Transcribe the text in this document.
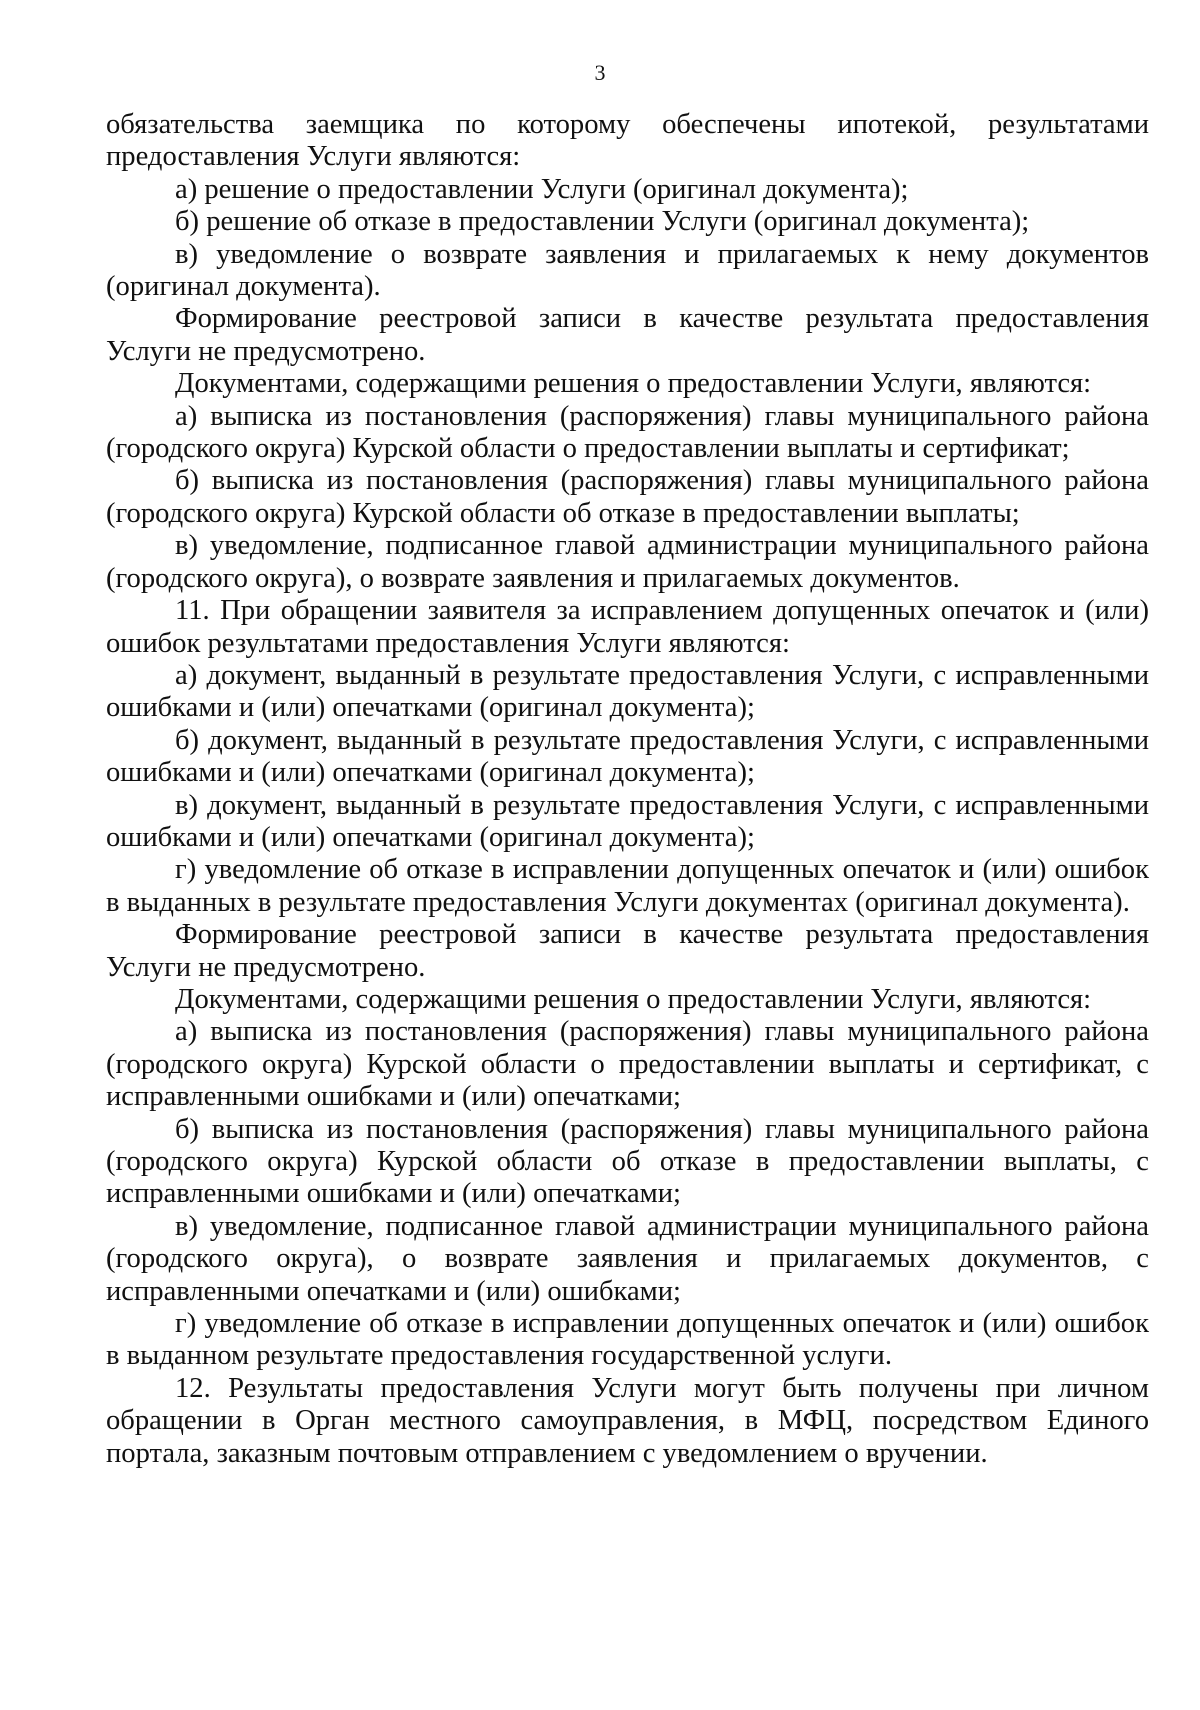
3

обязательства заемщика по которому обеспечены ипотекой, результатами предоставления Услуги являются:

а) решение о предоставлении Услуги (оригинал документа);

б) решение об отказе в предоставлении Услуги (оригинал документа);

в) уведомление о возврате заявления и прилагаемых к нему документов (оригинал документа).

Формирование реестровой записи в качестве результата предоставления Услуги не предусмотрено.

Документами, содержащими решения о предоставлении Услуги, являются:

а) выписка из постановления (распоряжения) главы муниципального района (городского округа) Курской области о предоставлении выплаты и сертификат;

б) выписка из постановления (распоряжения) главы муниципального района (городского округа) Курской области об отказе в предоставлении выплаты;

в) уведомление, подписанное главой администрации муниципального района (городского округа), о возврате заявления и прилагаемых документов.

11. При обращении заявителя за исправлением допущенных опечаток и (или) ошибок результатами предоставления Услуги являются:

а) документ, выданный в результате предоставления Услуги, с исправленными ошибками и (или) опечатками (оригинал документа);

б) документ, выданный в результате предоставления Услуги, с исправленными ошибками и (или) опечатками (оригинал документа);

в) документ, выданный в результате предоставления Услуги, с исправленными ошибками и (или) опечатками (оригинал документа);

г) уведомление об отказе в исправлении допущенных опечаток и (или) ошибок в выданных в результате предоставления Услуги документах (оригинал документа).

Формирование реестровой записи в качестве результата предоставления Услуги не предусмотрено.

Документами, содержащими решения о предоставлении Услуги, являются:

а) выписка из постановления (распоряжения) главы муниципального района (городского округа) Курской области о предоставлении выплаты и сертификат, с исправленными ошибками и (или) опечатками;

б) выписка из постановления (распоряжения) главы муниципального района (городского округа) Курской области об отказе в предоставлении выплаты, с исправленными ошибками и (или) опечатками;

в) уведомление, подписанное главой администрации муниципального района (городского округа), о возврате заявления и прилагаемых документов, с исправленными опечатками и (или) ошибками;

г) уведомление об отказе в исправлении допущенных опечаток и (или) ошибок в выданном результате предоставления государственной услуги.

12. Результаты предоставления Услуги могут быть получены при личном обращении в Орган местного самоуправления, в МФЦ, посредством Единого портала, заказным почтовым отправлением с уведомлением о вручении.
